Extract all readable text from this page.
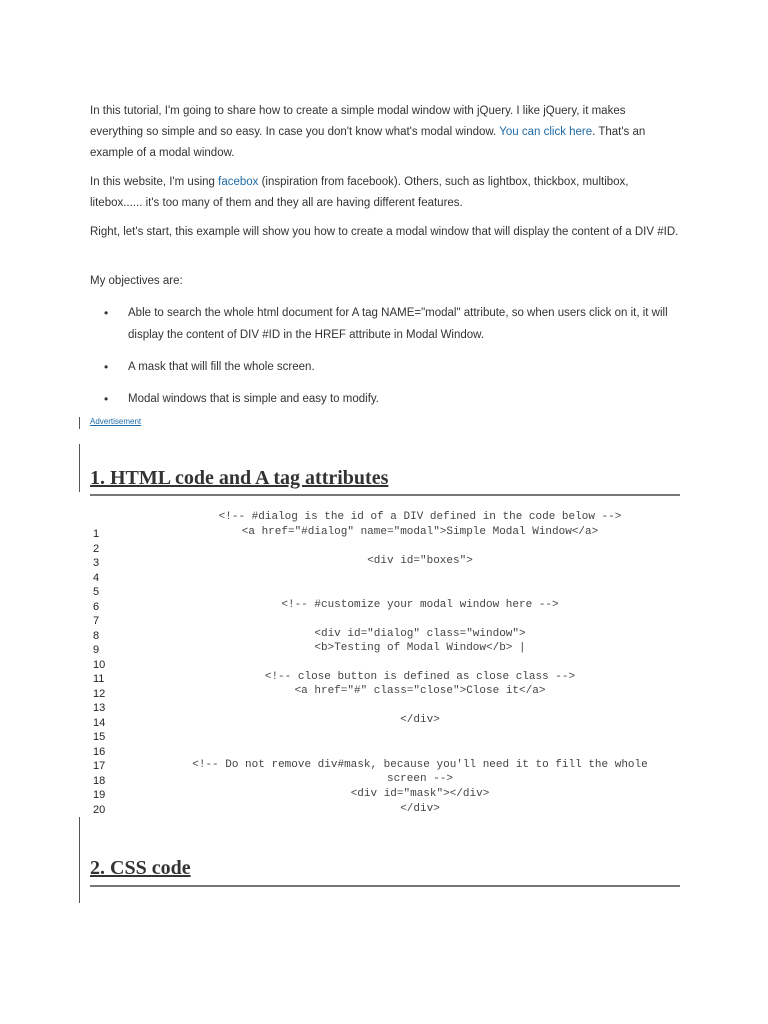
In this tutorial, I'm going to share how to create a simple modal window with jQuery. I like jQuery, it makes everything so simple and so easy. In case you don't know what's modal window. You can click here. That's an example of a modal window.

In this website, I'm using facebox (inspiration from facebook). Others, such as lightbox, thickbox, multibox, litebox...... it's too many of them and they all are having different features.

Right, let's start, this example will show you how to create a modal window that will display the content of a DIV #ID.

My objectives are:

• Able to search the whole html document for A tag NAME="modal" attribute, so when users click on it, it will display the content of DIV #ID in the HREF attribute in Modal Window.
• A mask that will fill the whole screen.
• Modal windows that is simple and easy to modify.
Advertisement
1. HTML code and A tag attributes
1
2
3
4
5
6
7
8
9
10
11
12
13
14
15
16
17
18
19
20
<!-- #dialog is the id of a DIV defined in the code below -->
<a href="#dialog" name="modal">Simple Modal Window</a>
<div id="boxes">
<!-- #customize your modal window here -->
<div id="dialog" class="window">
<b>Testing of Modal Window</b> |
<!-- close button is defined as close class -->
<a href="#" class="close">Close it</a>
</div>
<!-- Do not remove div#mask, because you'll need it to fill the whole
screen -->
<div id="mask"></div>
</div>
2. CSS code
